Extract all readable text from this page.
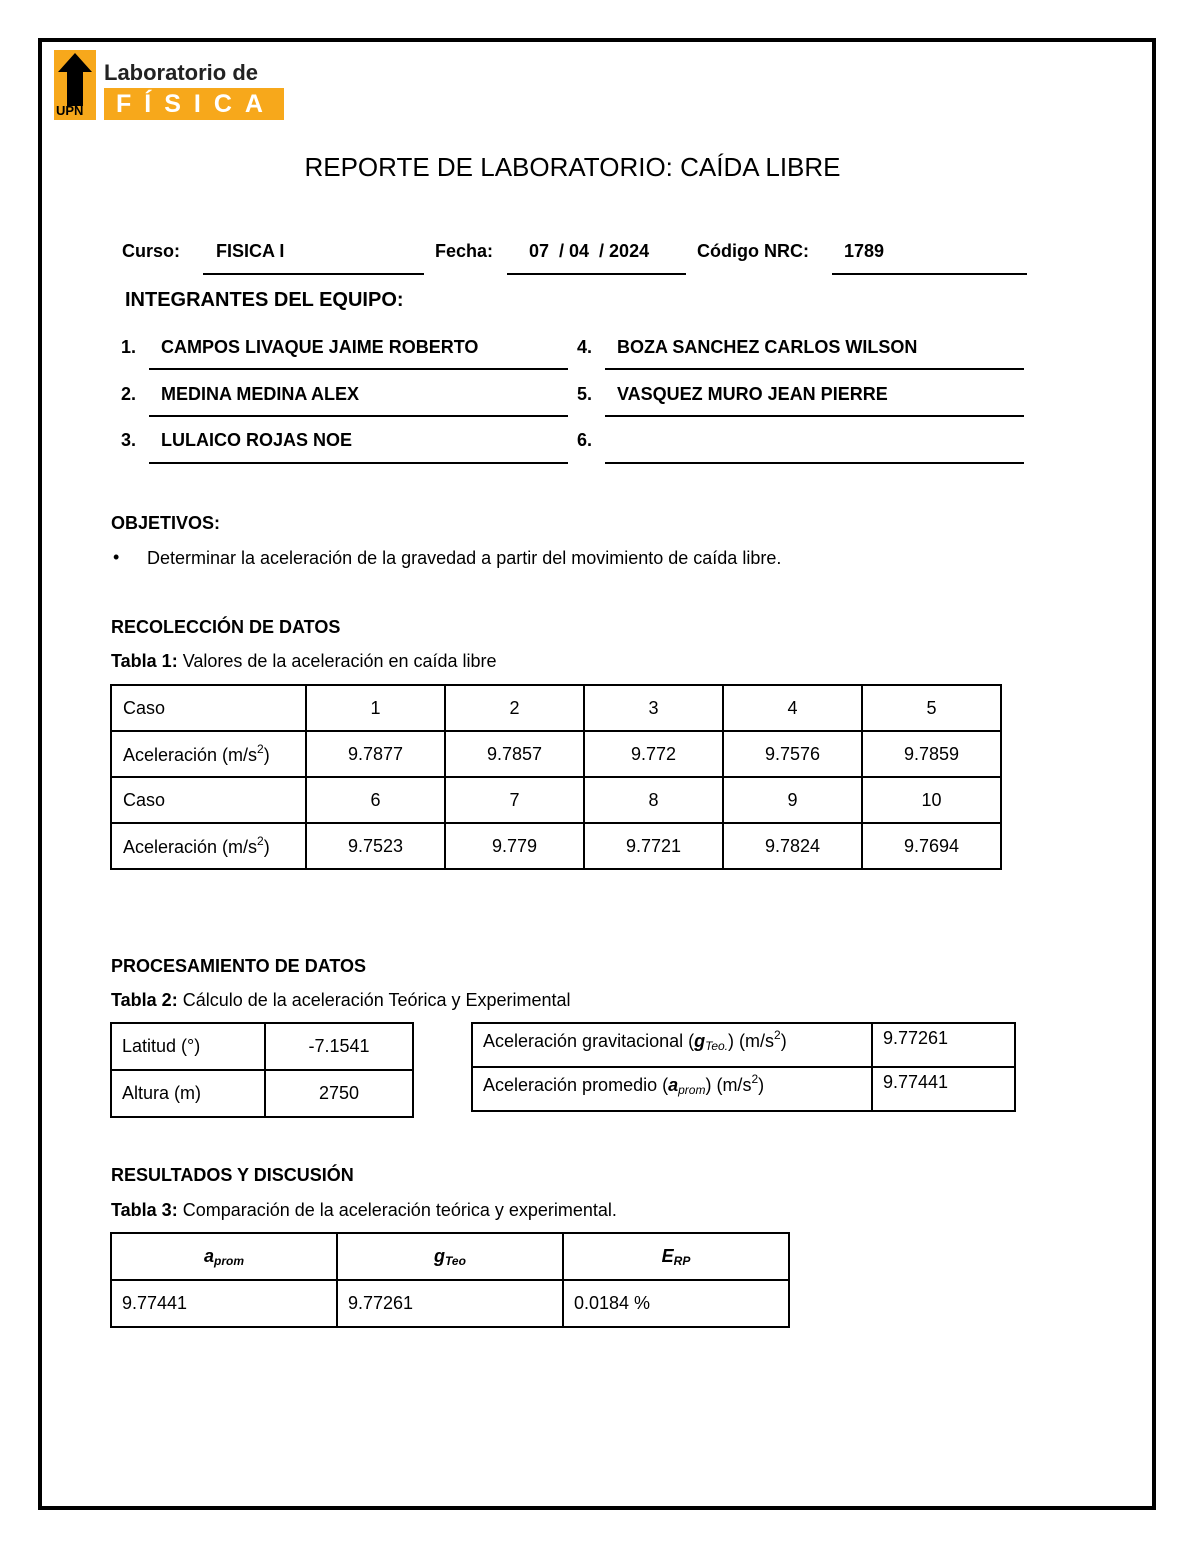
UPN
Laboratorio de
FÍSICA
REPORTE DE LABORATORIO: CAÍDA LIBRE
Curso: FISICA I	Fecha: 07  / 04  / 2024	Código NRC: 1789
INTEGRANTES DEL EQUIPO:
1. CAMPOS LIVAQUE JAIME ROBERTO
2. MEDINA MEDINA ALEX
3. LULAICO ROJAS NOE
4. BOZA SANCHEZ CARLOS WILSON
5. VASQUEZ MURO JEAN PIERRE
6.
OBJETIVOS:
• Determinar la aceleración de la gravedad a partir del movimiento de caída libre.
RECOLECCIÓN DE DATOS
Tabla 1: Valores de la aceleración en caída libre
Caso	1	2	3	4	5
Aceleración $(m/s^2)$	9.7877	9.7857	9.772	9.7576	9.7859
Caso	6	7	8	9	10
Aceleración $(m/s^2)$	9.7523	9.779	9.7721	9.7824	9.7694
PROCESAMIENTO DE DATOS
Tabla 2: Cálculo de la aceleración Teórica y Experimental
Latitud (°)	-7.1541
Altura (m)	2750
Aceleración gravitacional $(g_{Teo.})$ $(m/s^2)$	9.77261
Aceleración promedio $(a_{prom})$ $(m/s^2)$	9.77441
RESULTADOS Y DISCUSIÓN
Tabla 3: Comparación de la aceleración teórica y experimental.
$a_{prom}$	$g_{Teo}$	$E_{RP}$
9.77441	9.77261	0.0184 %
